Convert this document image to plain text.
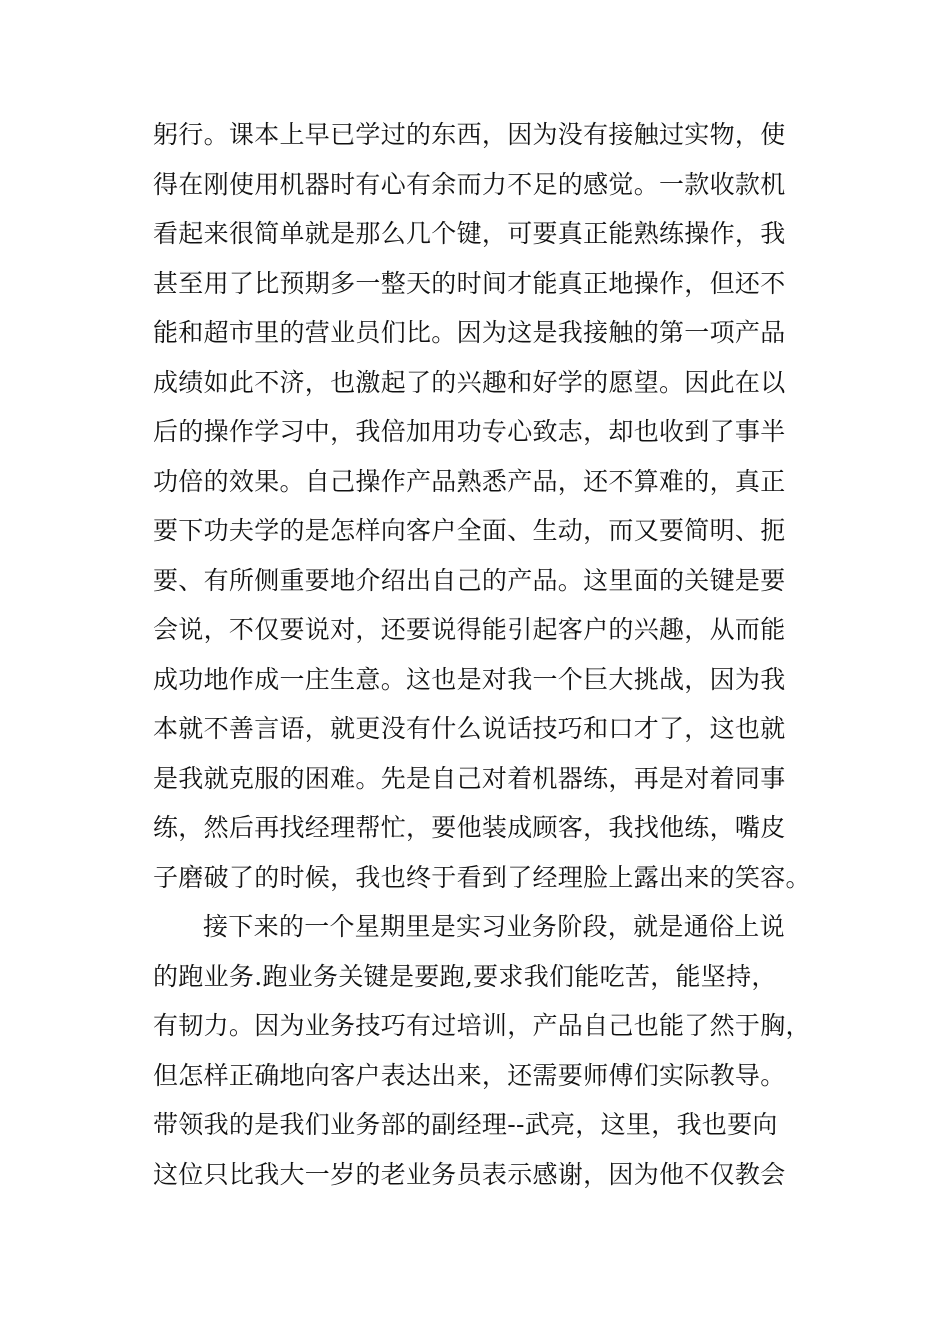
躬行。课本上早已学过的东西，因为没有接触过实物，使
得在刚使用机器时有心有余而力不足的感觉。一款收款机
看起来很简单就是那么几个键，可要真正能熟练操作，我
甚至用了比预期多一整天的时间才能真正地操作，但还不
能和超市里的营业员们比。因为这是我接触的第一项产品
成绩如此不济，也激起了的兴趣和好学的愿望。因此在以
后的操作学习中，我倍加用功专心致志，却也收到了事半
功倍的效果。自己操作产品熟悉产品，还不算难的，真正
要下功夫学的是怎样向客户全面、生动，而又要简明、扼
要、有所侧重要地介绍出自己的产品。这里面的关键是要
会说，不仅要说对，还要说得能引起客户的兴趣，从而能
成功地作成一庄生意。这也是对我一个巨大挑战，因为我
本就不善言语，就更没有什么说话技巧和口才了，这也就
是我就克服的困难。先是自己对着机器练，再是对着同事
练，然后再找经理帮忙，要他装成顾客，我找他练，嘴皮
子磨破了的时候，我也终于看到了经理脸上露出来的笑容。
接下来的一个星期里是实习业务阶段，就是通俗上说
的跑业务.跑业务关键是要跑,要求我们能吃苦，能坚持，
有韧力。因为业务技巧有过培训，产品自己也能了然于胸，
但怎样正确地向客户表达出来，还需要师傅们实际教导。
带领我的是我们业务部的副经理--武亮，这里，我也要向
这位只比我大一岁的老业务员表示感谢，因为他不仅教会
